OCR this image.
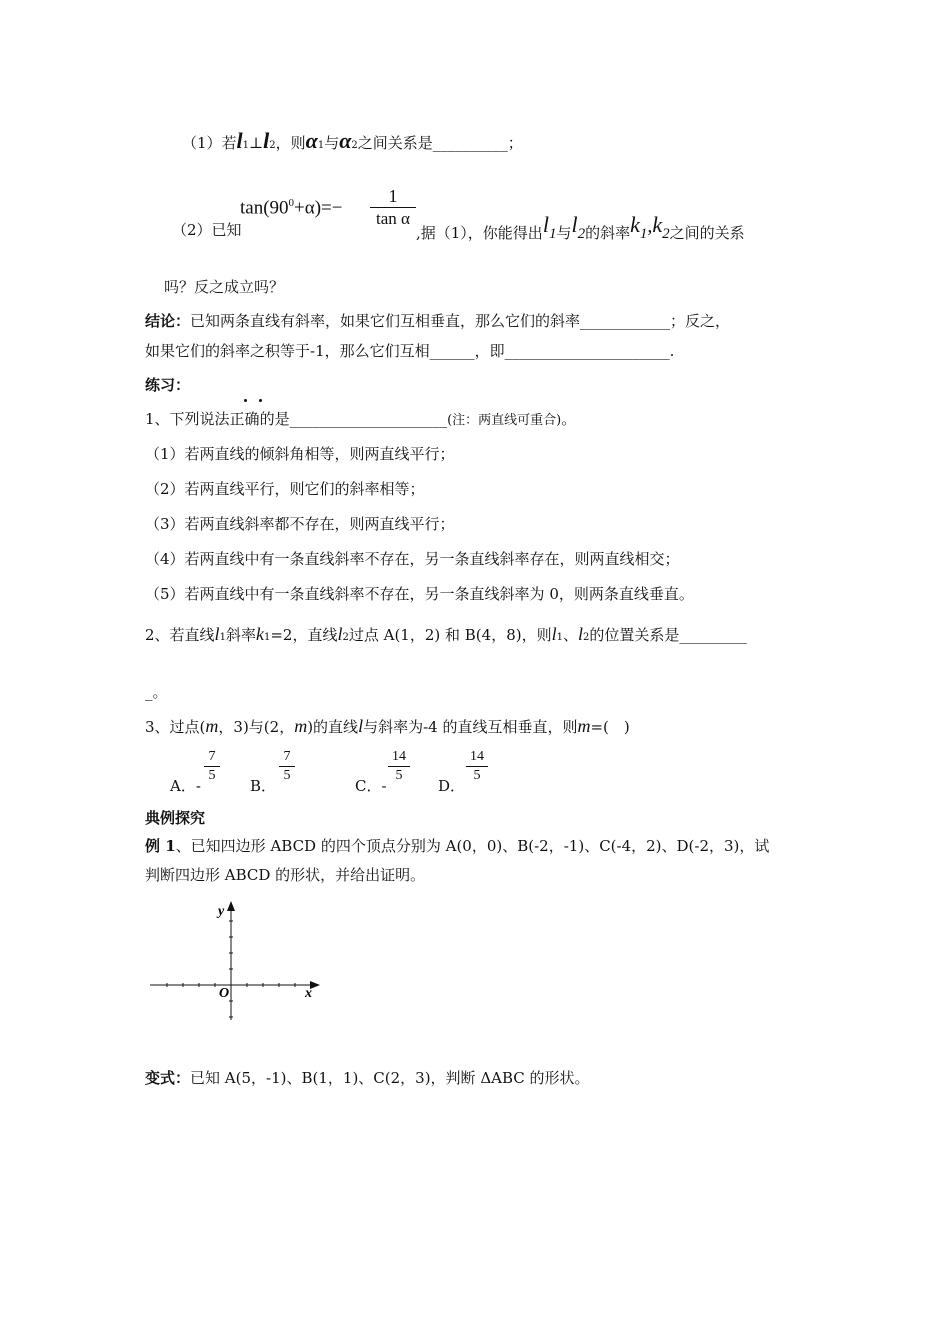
（1）若l1⊥l2，则α1与α2之间关系是__________；
（2）已知
$\tan(90^0+\alpha)=-$
1
tan α
,据（1），你能得出l1与l2的斜率k1,k2之间的关系
吗？反之成立吗？
结论：已知两条直线有斜率，如果它们互相垂直，那么它们的斜率____________；反之，
如果它们的斜率之积等于-1，那么它们互相______，即______________________.
练习：
1、下列说法正确的是_____________________(注：两直线可重合)。
（1）若两直线的倾斜角相等，则两直线平行；
（2）若两直线平行，则它们的斜率相等；
（3）若两直线斜率都不存在，则两直线平行；
（4）若两直线中有一条直线斜率不存在，另一条直线斜率存在，则两直线相交；
（5）若两直线中有一条直线斜率不存在，另一条直线斜率为 0，则两条直线垂直。
2、若直线l1斜率k1=2，直线l2过点 A(1，2) 和 B(4，8)，则l1、l2的位置关系是_________
_。
3、过点(m，3)与(2，m)的直线l与斜率为-4 的直线互相垂直，则m=(　)
A．-
7
5
B．
7
5
C．-
14
5
D．
14
5
典例探究
例 1、已知四边形 ABCD 的四个顶点分别为 A(0，0)、B(-2，-1)、C(-4，2)、D(-2，3)，试
判断四边形 ABCD 的形状，并给出证明。
y
x
O
变式：已知 A(5，-1)、B(1，1)、C(2，3)，判断 ΔABC 的形状。
